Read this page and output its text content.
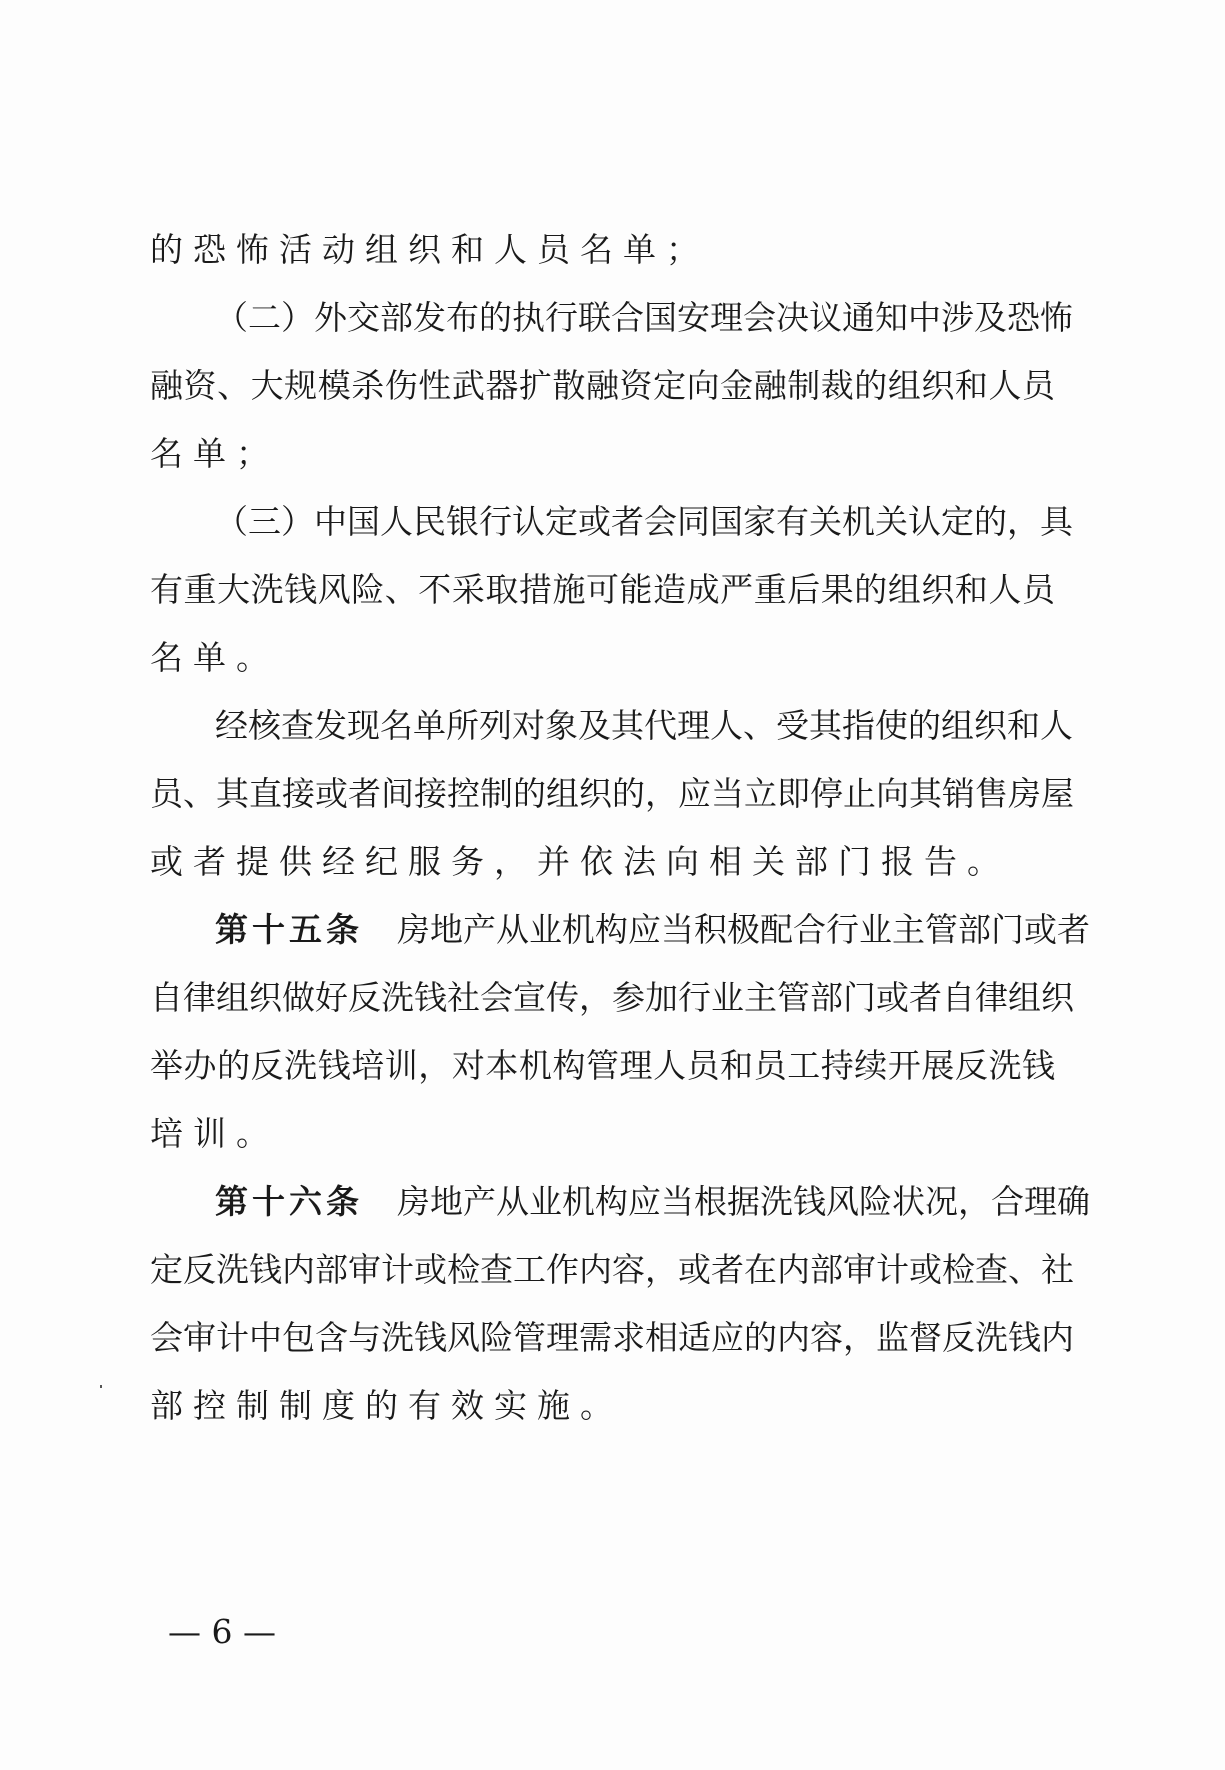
的恐怖活动组织和人员名单；
（二）外交部发布的执行联合国安理会决议通知中涉及恐怖
融资、大规模杀伤性武器扩散融资定向金融制裁的组织和人员
名单；
（三）中国人民银行认定或者会同国家有关机关认定的，具
有重大洗钱风险、不采取措施可能造成严重后果的组织和人员
名单。
经核查发现名单所列对象及其代理人、受其指使的组织和人
员、其直接或者间接控制的组织的，应当立即停止向其销售房屋
或者提供经纪服务，并依法向相关部门报告。
第十五条 房地产从业机构应当积极配合行业主管部门或者
自律组织做好反洗钱社会宣传，参加行业主管部门或者自律组织
举办的反洗钱培训，对本机构管理人员和员工持续开展反洗钱
培训。
第十六条 房地产从业机构应当根据洗钱风险状况，合理确
定反洗钱内部审计或检查工作内容，或者在内部审计或检查、社
会审计中包含与洗钱风险管理需求相适应的内容，监督反洗钱内
部控制制度的有效实施。
— 6 —
